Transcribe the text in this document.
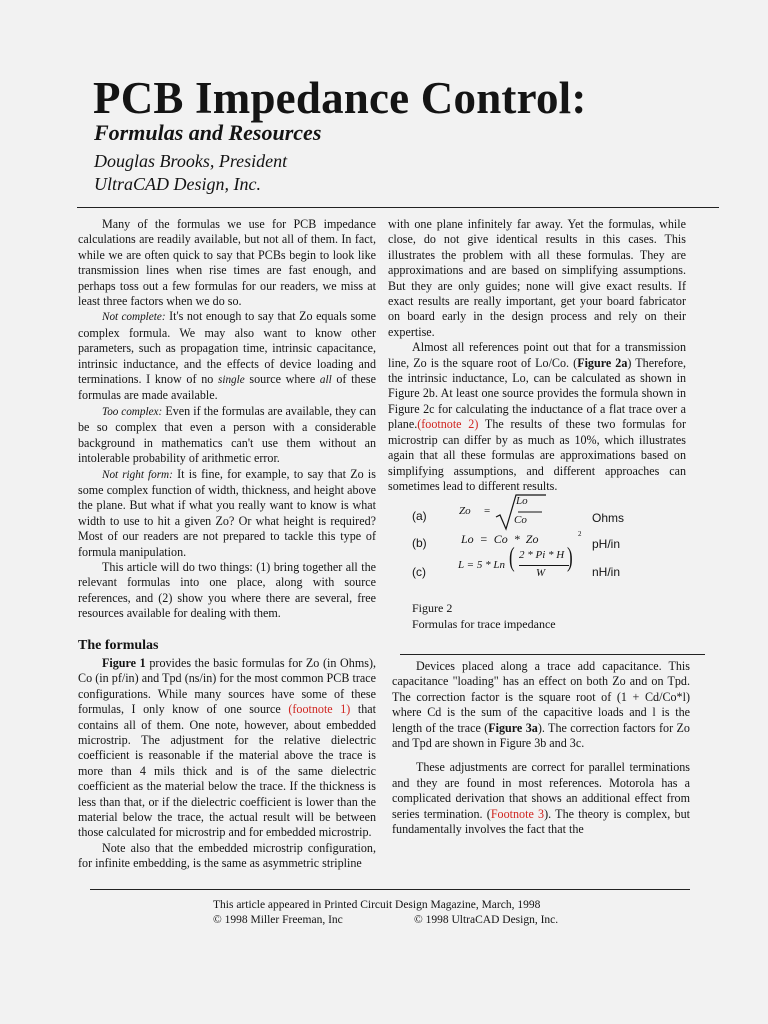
PCB Impedance Control:

Formulas and Resources

Douglas Brooks, President
UltraCAD Design, Inc.

Many of the formulas we use for PCB impedance calculations are readily available, but not all of them. In fact, while we are often quick to say that PCBs begin to look like transmission lines when rise times are fast enough, and perhaps toss out a few formulas for our readers, we miss at least three factors when we do so.

Not complete: It's not enough to say that Zo equals some complex formula. We may also want to know other parameters, such as propagation time, intrinsic capacitance, intrinsic inductance, and the effects of device loading and terminations. I know of no single source where all of these formulas are made available.

Too complex: Even if the formulas are available, they can be so complex that even a person with a considerable background in mathematics can't use them without an intolerable probability of arithmetic error.

Not right form: It is fine, for example, to say that Zo is some complex function of width, thickness, and height above the plane. But what if what you really want to know is what width to use to hit a given Zo? Or what height is required? Most of our readers are not prepared to tackle this type of formula manipulation.

This article will do two things: (1) bring together all the relevant formulas into one place, along with source references, and (2) show you where there are several, free resources available for dealing with them.

The formulas

Figure 1 provides the basic formulas for Zo (in Ohms), Co (in pf/in) and Tpd (ns/in) for the most common PCB trace configurations. While many sources have some of these formulas, I only know of one source (footnote 1) that contains all of them. One note, however, about embedded microstrip. The adjustment for the relative dielectric coefficient is reasonable if the material above the trace is more than 4 mils thick and is of the same dielectric coefficient as the material below the trace. If the thickness is less than that, or if the dielectric coefficient is lower than the material below the trace, the actual result will be between those calculated for microstrip and for embedded microstrip.

Note also that the embedded microstrip configuration, for infinite embedding, is the same as asymmetric stripline

with one plane infinitely far away. Yet the formulas, while close, do not give identical results in this cases. This illustrates the problem with all these formulas. They are approximations and are based on simplifying assumptions. But they are only guides; none will give exact results. If exact results are really important, get your board fabricator on board early in the design process and rely on their expertise.

Almost all references point out that for a transmission line, Zo is the square root of Lo/Co. (Figure 2a) Therefore, the intrinsic inductance, Lo, can be calculated as shown in Figure 2b. At least one source provides the formula shown in Figure 2c for calculating the inductance of a flat trace over a plane.(footnote 2) The results of these two formulas for microstrip can differ by as much as 10%, which illustrates again that all these formulas are approximations based on simplifying assumptions, and different approaches can sometimes lead to different results.

(a)
(b)
(c)
Zo =
Lo
Co
Lo  =  Co  *  Zo	2
L = 5 * Ln ( 2 * Pi * H
W
)
Ohms
pH/in
nH/in
Figure 2
Formulas for trace impedance

Devices placed along a trace add capacitance. This capacitance "loading" has an effect on both Zo and on Tpd. The correction factor is the square root of (1 + Cd/Co*l) where Cd is the sum of the capacitive loads and l is the length of the trace (Figure 3a). The correction factors for Zo and Tpd are shown in Figure 3b and 3c.

These adjustments are correct for parallel terminations and they are found in most references. Motorola has a complicated derivation that shows an additional effect from series termination. (Footnote 3). The theory is complex, but fundamentally involves the fact that the

This article appeared in Printed Circuit Design Magazine, March, 1998
© 1998 Miller Freeman, Inc	© 1998 UltraCAD Design, Inc.
